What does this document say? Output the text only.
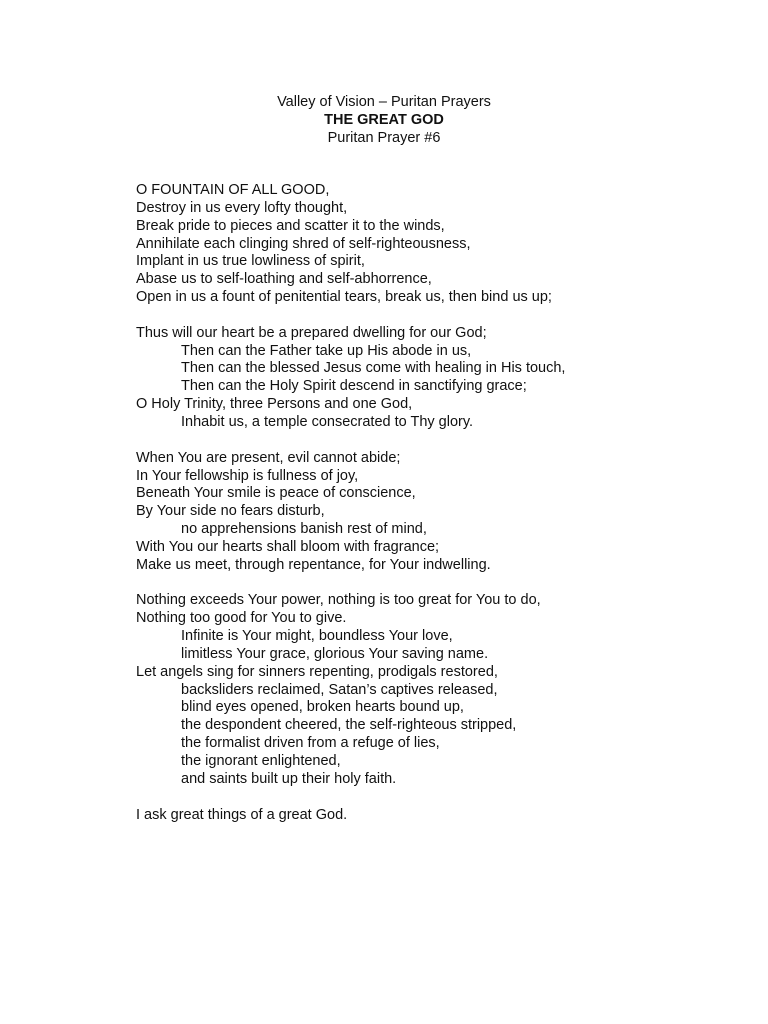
Valley of Vision – Puritan Prayers
THE GREAT GOD
Puritan Prayer #6
O FOUNTAIN OF ALL GOOD,
Destroy in us every lofty thought,
Break pride to pieces and scatter it to the winds,
Annihilate each clinging shred of self-righteousness,
Implant in us true lowliness of spirit,
Abase us to self-loathing and self-abhorrence,
Open in us a fount of penitential tears, break us, then bind us up;
Thus will our heart be a prepared dwelling for our God;
Then can the Father take up His abode in us,
Then can the blessed Jesus come with healing in His touch,
Then can the Holy Spirit descend in sanctifying grace;
O Holy Trinity, three Persons and one God,
Inhabit us, a temple consecrated to Thy glory.
When You are present, evil cannot abide;
In Your fellowship is fullness of joy,
Beneath Your smile is peace of conscience,
By Your side no fears disturb,
no apprehensions banish rest of mind,
With You our hearts shall bloom with fragrance;
Make us meet, through repentance, for Your indwelling.
Nothing exceeds Your power, nothing is too great for You to do,
Nothing too good for You to give.
Infinite is Your might, boundless Your love,
limitless Your grace, glorious Your saving name.
Let angels sing for sinners repenting, prodigals restored,
backsliders reclaimed, Satan’s captives released,
blind eyes opened, broken hearts bound up,
the despondent cheered, the self-righteous stripped,
the formalist driven from a refuge of lies,
the ignorant enlightened,
and saints built up their holy faith.
I ask great things of a great God.
